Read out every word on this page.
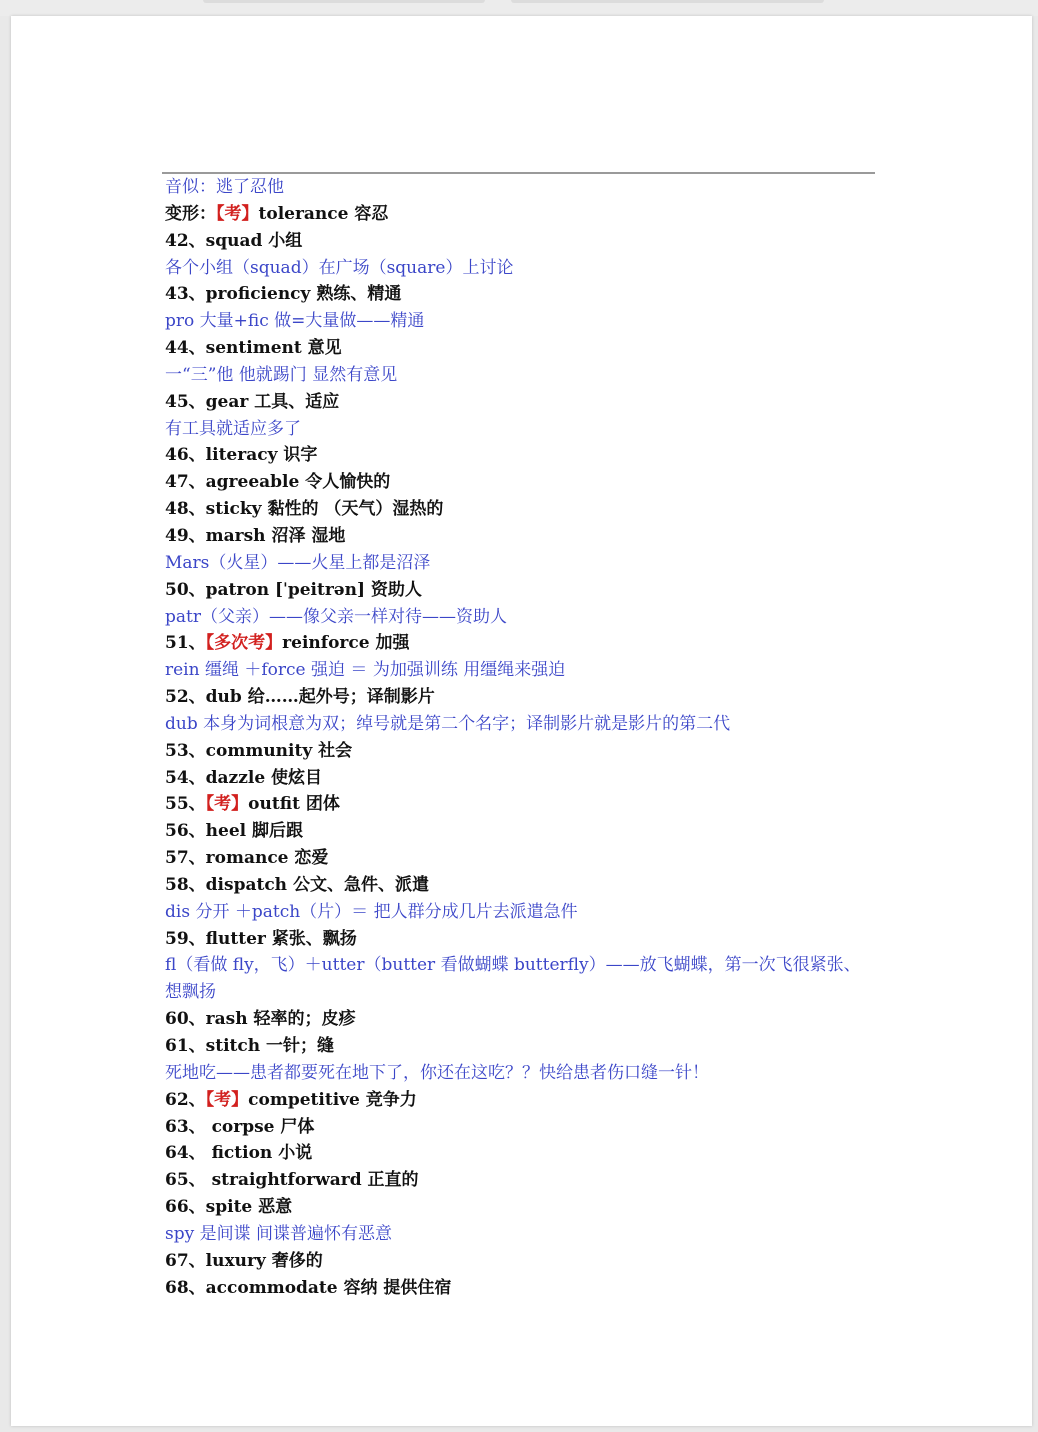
音似：逃了忍他
变形：【考】tolerance 容忍
42、squad 小组
各个小组（squad）在广场（square）上讨论
43、proficiency 熟练、精通
pro 大量+fic 做=大量做——精通
44、sentiment 意见
一“三”他 他就踢门 显然有意见
45、gear 工具、适应
有工具就适应多了
46、literacy 识字
47、agreeable 令人愉快的
48、sticky 黏性的 （天气）湿热的
49、marsh 沼泽 湿地
Mars（火星）——火星上都是沼泽
50、patron [ˈpeitrən] 资助人
patr（父亲）——像父亲一样对待——资助人
51、【多次考】reinforce 加强
rein 缰绳 ＋force 强迫 ＝ 为加强训练 用缰绳来强迫
52、dub 给……起外号；译制影片
dub 本身为词根意为双；绰号就是第二个名字；译制影片就是影片的第二代
53、community 社会
54、dazzle 使炫目
55、【考】outfit 团体
56、heel 脚后跟
57、romance 恋爱
58、dispatch 公文、急件、派遣
dis 分开 ＋patch（片）＝ 把人群分成几片去派遣急件
59、flutter 紧张、飘扬
fl（看做 fly，飞）＋utter（butter 看做蝴蝶 butterfly）——放飞蝴蝶，第一次飞很紧张、想飘扬
60、rash 轻率的；皮疹
61、stitch 一针；缝
死地吃——患者都要死在地下了，你还在这吃？？快给患者伤口缝一针！
62、【考】competitive 竞争力
63、 corpse 尸体
64、 fiction 小说
65、 straightforward 正直的
66、spite 恶意
spy 是间谍 间谍普遍怀有恶意
67、luxury 奢侈的
68、accommodate 容纳 提供住宿
